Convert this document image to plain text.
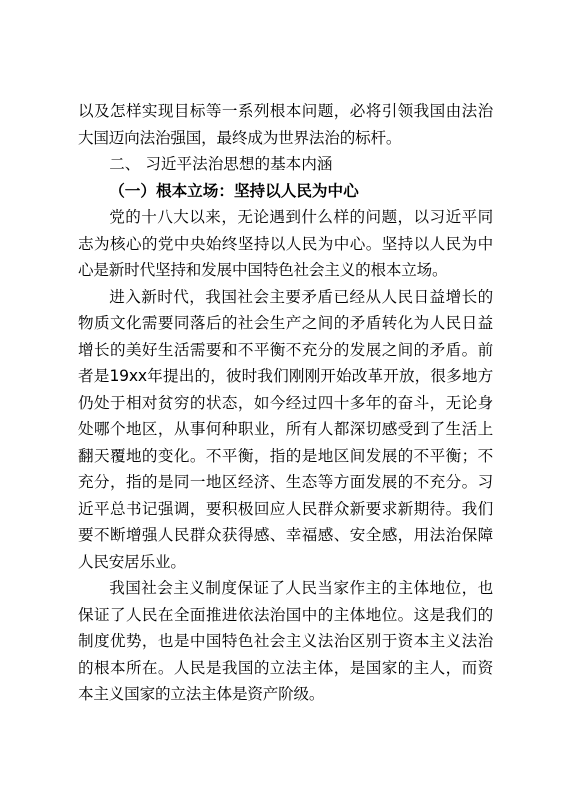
以及怎样实现目标等一系列根本问题，必将引领我国由法治大国迈向法治强国，最终成为世界法治的标杆。

二、 习近平法治思想的基本内涵

（一）根本立场：坚持以人民为中心

党的十八大以来，无论遇到什么样的问题，以习近平同志为核心的党中央始终坚持以人民为中心。坚持以人民为中心是新时代坚持和发展中国特色社会主义的根本立场。

进入新时代，我国社会主要矛盾已经从人民日益增长的物质文化需要同落后的社会生产之间的矛盾转化为人民日益增长的美好生活需要和不平衡不充分的发展之间的矛盾。前者是19xx年提出的，彼时我们刚刚开始改革开放，很多地方仍处于相对贫穷的状态，如今经过四十多年的奋斗，无论身处哪个地区，从事何种职业，所有人都深切感受到了生活上翻天覆地的变化。不平衡，指的是地区间发展的不平衡；不充分，指的是同一地区经济、生态等方面发展的不充分。习近平总书记强调，要积极回应人民群众新要求新期待。我们要不断增强人民群众获得感、幸福感、安全感，用法治保障人民安居乐业。

我国社会主义制度保证了人民当家作主的主体地位，也保证了人民在全面推进依法治国中的主体地位。这是我们的制度优势，也是中国特色社会主义法治区别于资本主义法治的根本所在。人民是我国的立法主体，是国家的主人，而资本主义国家的立法主体是资产阶级。
